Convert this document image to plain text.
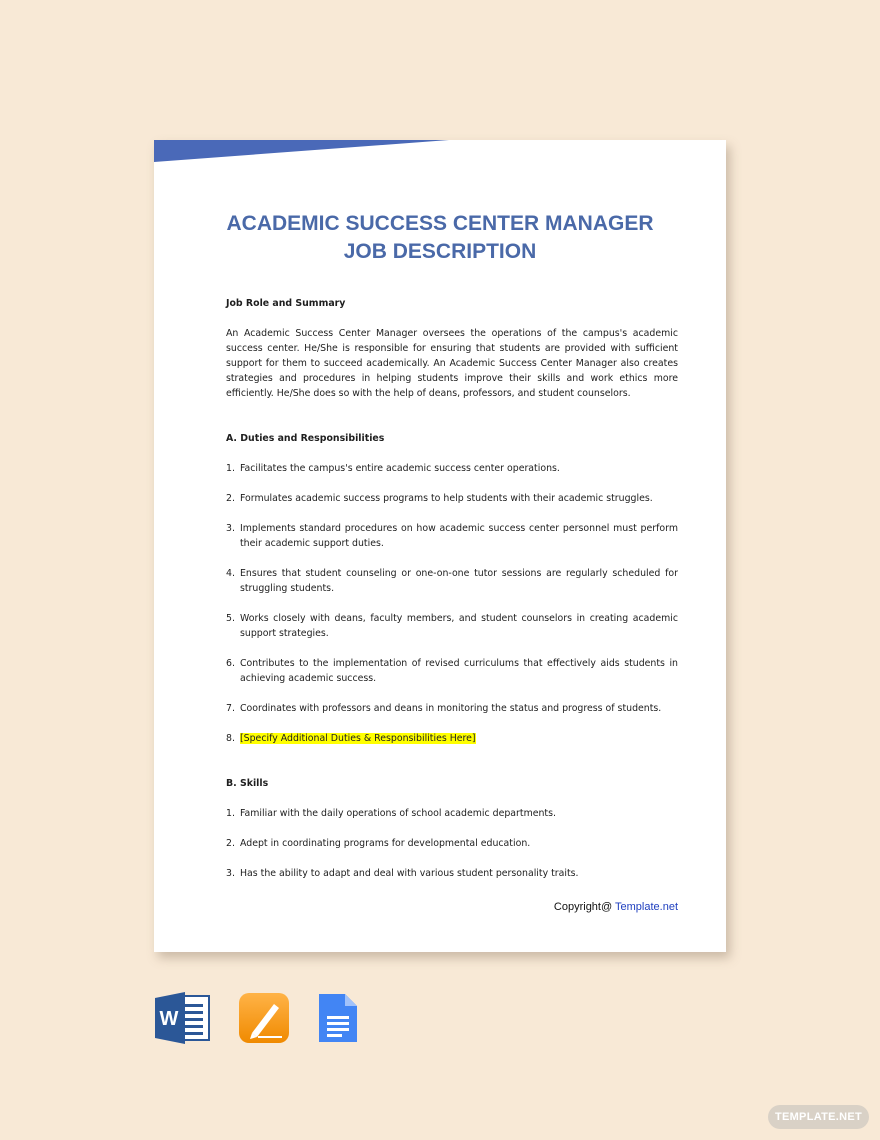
ACADEMIC SUCCESS CENTER MANAGER
JOB DESCRIPTION

Job Role and Summary

An Academic Success Center Manager oversees the operations of the campus's academic success center. He/She is responsible for ensuring that students are provided with sufficient support for them to succeed academically. An Academic Success Center Manager also creates strategies and procedures in helping students improve their skills and work ethics more efficiently. He/She does so with the help of deans, professors, and student counselors.

A. Duties and Responsibilities

1. Facilitates the campus's entire academic success center operations.
2. Formulates academic success programs to help students with their academic struggles.
3. Implements standard procedures on how academic success center personnel must perform their academic support duties.
4. Ensures that student counseling or one-on-one tutor sessions are regularly scheduled for struggling students.
5. Works closely with deans, faculty members, and student counselors in creating academic support strategies.
6. Contributes to the implementation of revised curriculums that effectively aids students in achieving academic success.
7. Coordinates with professors and deans in monitoring the status and progress of students.
8. [Specify Additional Duties & Responsibilities Here]

B. Skills

1. Familiar with the daily operations of school academic departments.
2. Adept in coordinating programs for developmental education.
3. Has the ability to adapt and deal with various student personality traits.
Copyright@ Template.net
W
TEMPLATE.NET
